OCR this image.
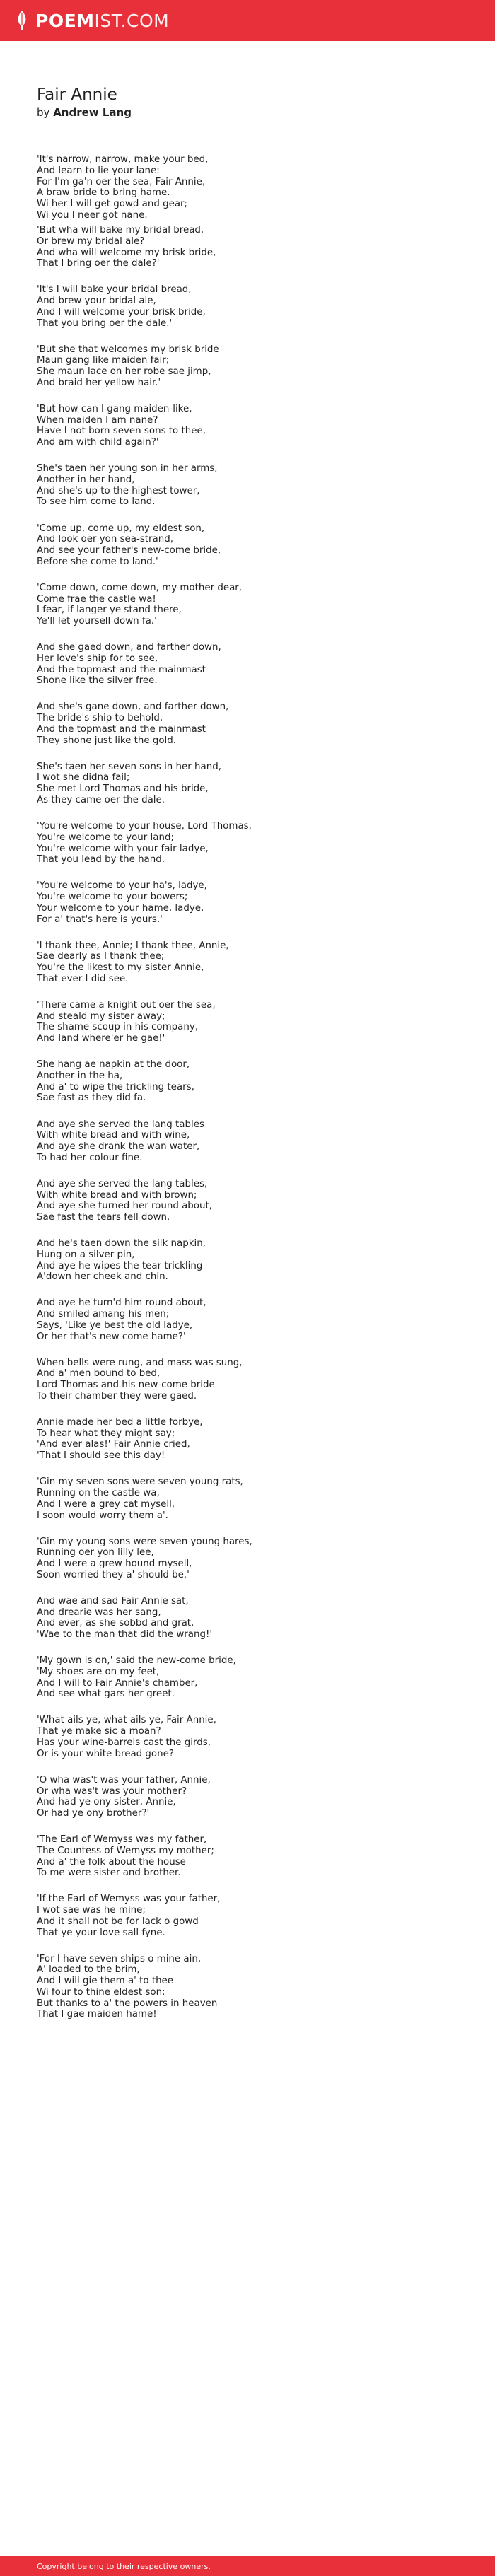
POEMIST.COM
Fair Annie
by Andrew Lang
'It's narrow, narrow, make your bed,
And learn to lie your lane:
For I'm ga'n oer the sea, Fair Annie,
A braw bride to bring hame.
Wi her I will get gowd and gear;
Wi you I neer got nane.
'But wha will bake my bridal bread,
Or brew my bridal ale?
And wha will welcome my brisk bride,
That I bring oer the dale?'
'It's I will bake your bridal bread,
And brew your bridal ale,
And I will welcome your brisk bride,
That you bring oer the dale.'
'But she that welcomes my brisk bride
Maun gang like maiden fair;
She maun lace on her robe sae jimp,
And braid her yellow hair.'
'But how can I gang maiden-like,
When maiden I am nane?
Have I not born seven sons to thee,
And am with child again?'
She's taen her young son in her arms,
Another in her hand,
And she's up to the highest tower,
To see him come to land.
'Come up, come up, my eldest son,
And look oer yon sea-strand,
And see your father's new-come bride,
Before she come to land.'
'Come down, come down, my mother dear,
Come frae the castle wa!
I fear, if langer ye stand there,
Ye'll let yoursell down fa.'
And she gaed down, and farther down,
Her love's ship for to see,
And the topmast and the mainmast
Shone like the silver free.
And she's gane down, and farther down,
The bride's ship to behold,
And the topmast and the mainmast
They shone just like the gold.
She's taen her seven sons in her hand,
I wot she didna fail;
She met Lord Thomas and his bride,
As they came oer the dale.
'You're welcome to your house, Lord Thomas,
You're welcome to your land;
You're welcome with your fair ladye,
That you lead by the hand.
'You're welcome to your ha's, ladye,
You're welcome to your bowers;
Your welcome to your hame, ladye,
For a' that's here is yours.'
'I thank thee, Annie; I thank thee, Annie,
Sae dearly as I thank thee;
You're the likest to my sister Annie,
That ever I did see.
'There came a knight out oer the sea,
And steald my sister away;
The shame scoup in his company,
And land where'er he gae!'
She hang ae napkin at the door,
Another in the ha,
And a' to wipe the trickling tears,
Sae fast as they did fa.
And aye she served the lang tables
With white bread and with wine,
And aye she drank the wan water,
To had her colour fine.
And aye she served the lang tables,
With white bread and with brown;
And aye she turned her round about,
Sae fast the tears fell down.
And he's taen down the silk napkin,
Hung on a silver pin,
And aye he wipes the tear trickling
A'down her cheek and chin.
And aye he turn'd him round about,
And smiled amang his men;
Says, 'Like ye best the old ladye,
Or her that's new come hame?'
When bells were rung, and mass was sung,
And a' men bound to bed,
Lord Thomas and his new-come bride
To their chamber they were gaed.
Annie made her bed a little forbye,
To hear what they might say;
'And ever alas!' Fair Annie cried,
'That I should see this day!
'Gin my seven sons were seven young rats,
Running on the castle wa,
And I were a grey cat mysell,
I soon would worry them a'.
'Gin my young sons were seven young hares,
Running oer yon lilly lee,
And I were a grew hound mysell,
Soon worried they a' should be.'
And wae and sad Fair Annie sat,
And drearie was her sang,
And ever, as she sobbd and grat,
'Wae to the man that did the wrang!'
'My gown is on,' said the new-come bride,
'My shoes are on my feet,
And I will to Fair Annie's chamber,
And see what gars her greet.
'What ails ye, what ails ye, Fair Annie,
That ye make sic a moan?
Has your wine-barrels cast the girds,
Or is your white bread gone?
'O wha was't was your father, Annie,
Or wha was't was your mother?
And had ye ony sister, Annie,
Or had ye ony brother?'
'The Earl of Wemyss was my father,
The Countess of Wemyss my mother;
And a' the folk about the house
To me were sister and brother.'
'If the Earl of Wemyss was your father,
I wot sae was he mine;
And it shall not be for lack o gowd
That ye your love sall fyne.
'For I have seven ships o mine ain,
A' loaded to the brim,
And I will gie them a' to thee
Wi four to thine eldest son:
But thanks to a' the powers in heaven
That I gae maiden hame!'
Copyright belong to their respective owners.
